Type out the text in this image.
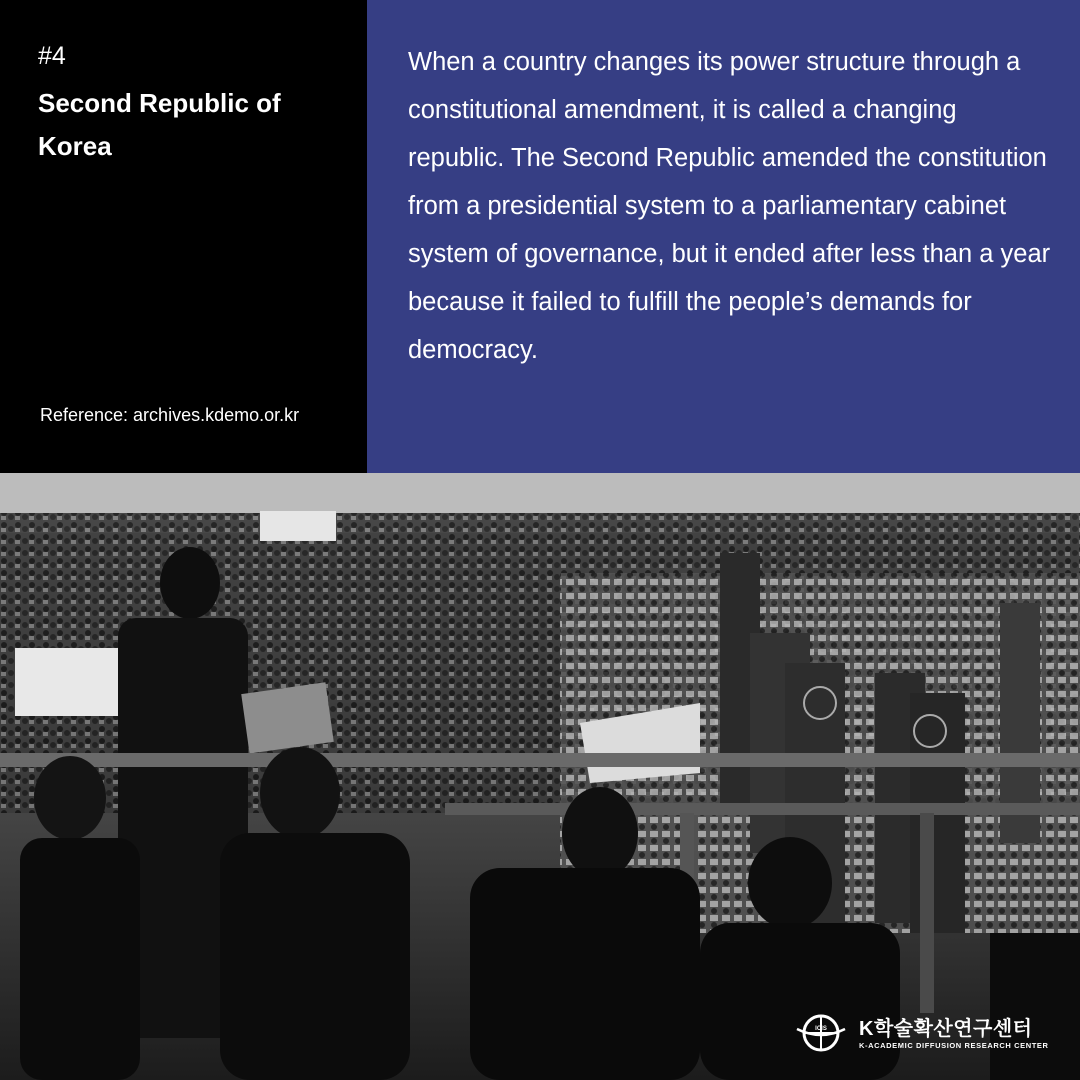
#4
Second Republic of Korea
Reference: archives.kdemo.or.kr

When a country changes its power structure through a constitutional amendment, it is called a changing republic. The Second Republic amended the constitution from a presidential system to a parliamentary cabinet system of governance, but it ended after less than a year because it failed to fulfill the people’s demands for democracy.

ICIS K학술확산연구센터
K-ACADEMIC DIFFUSION RESEARCH CENTER
